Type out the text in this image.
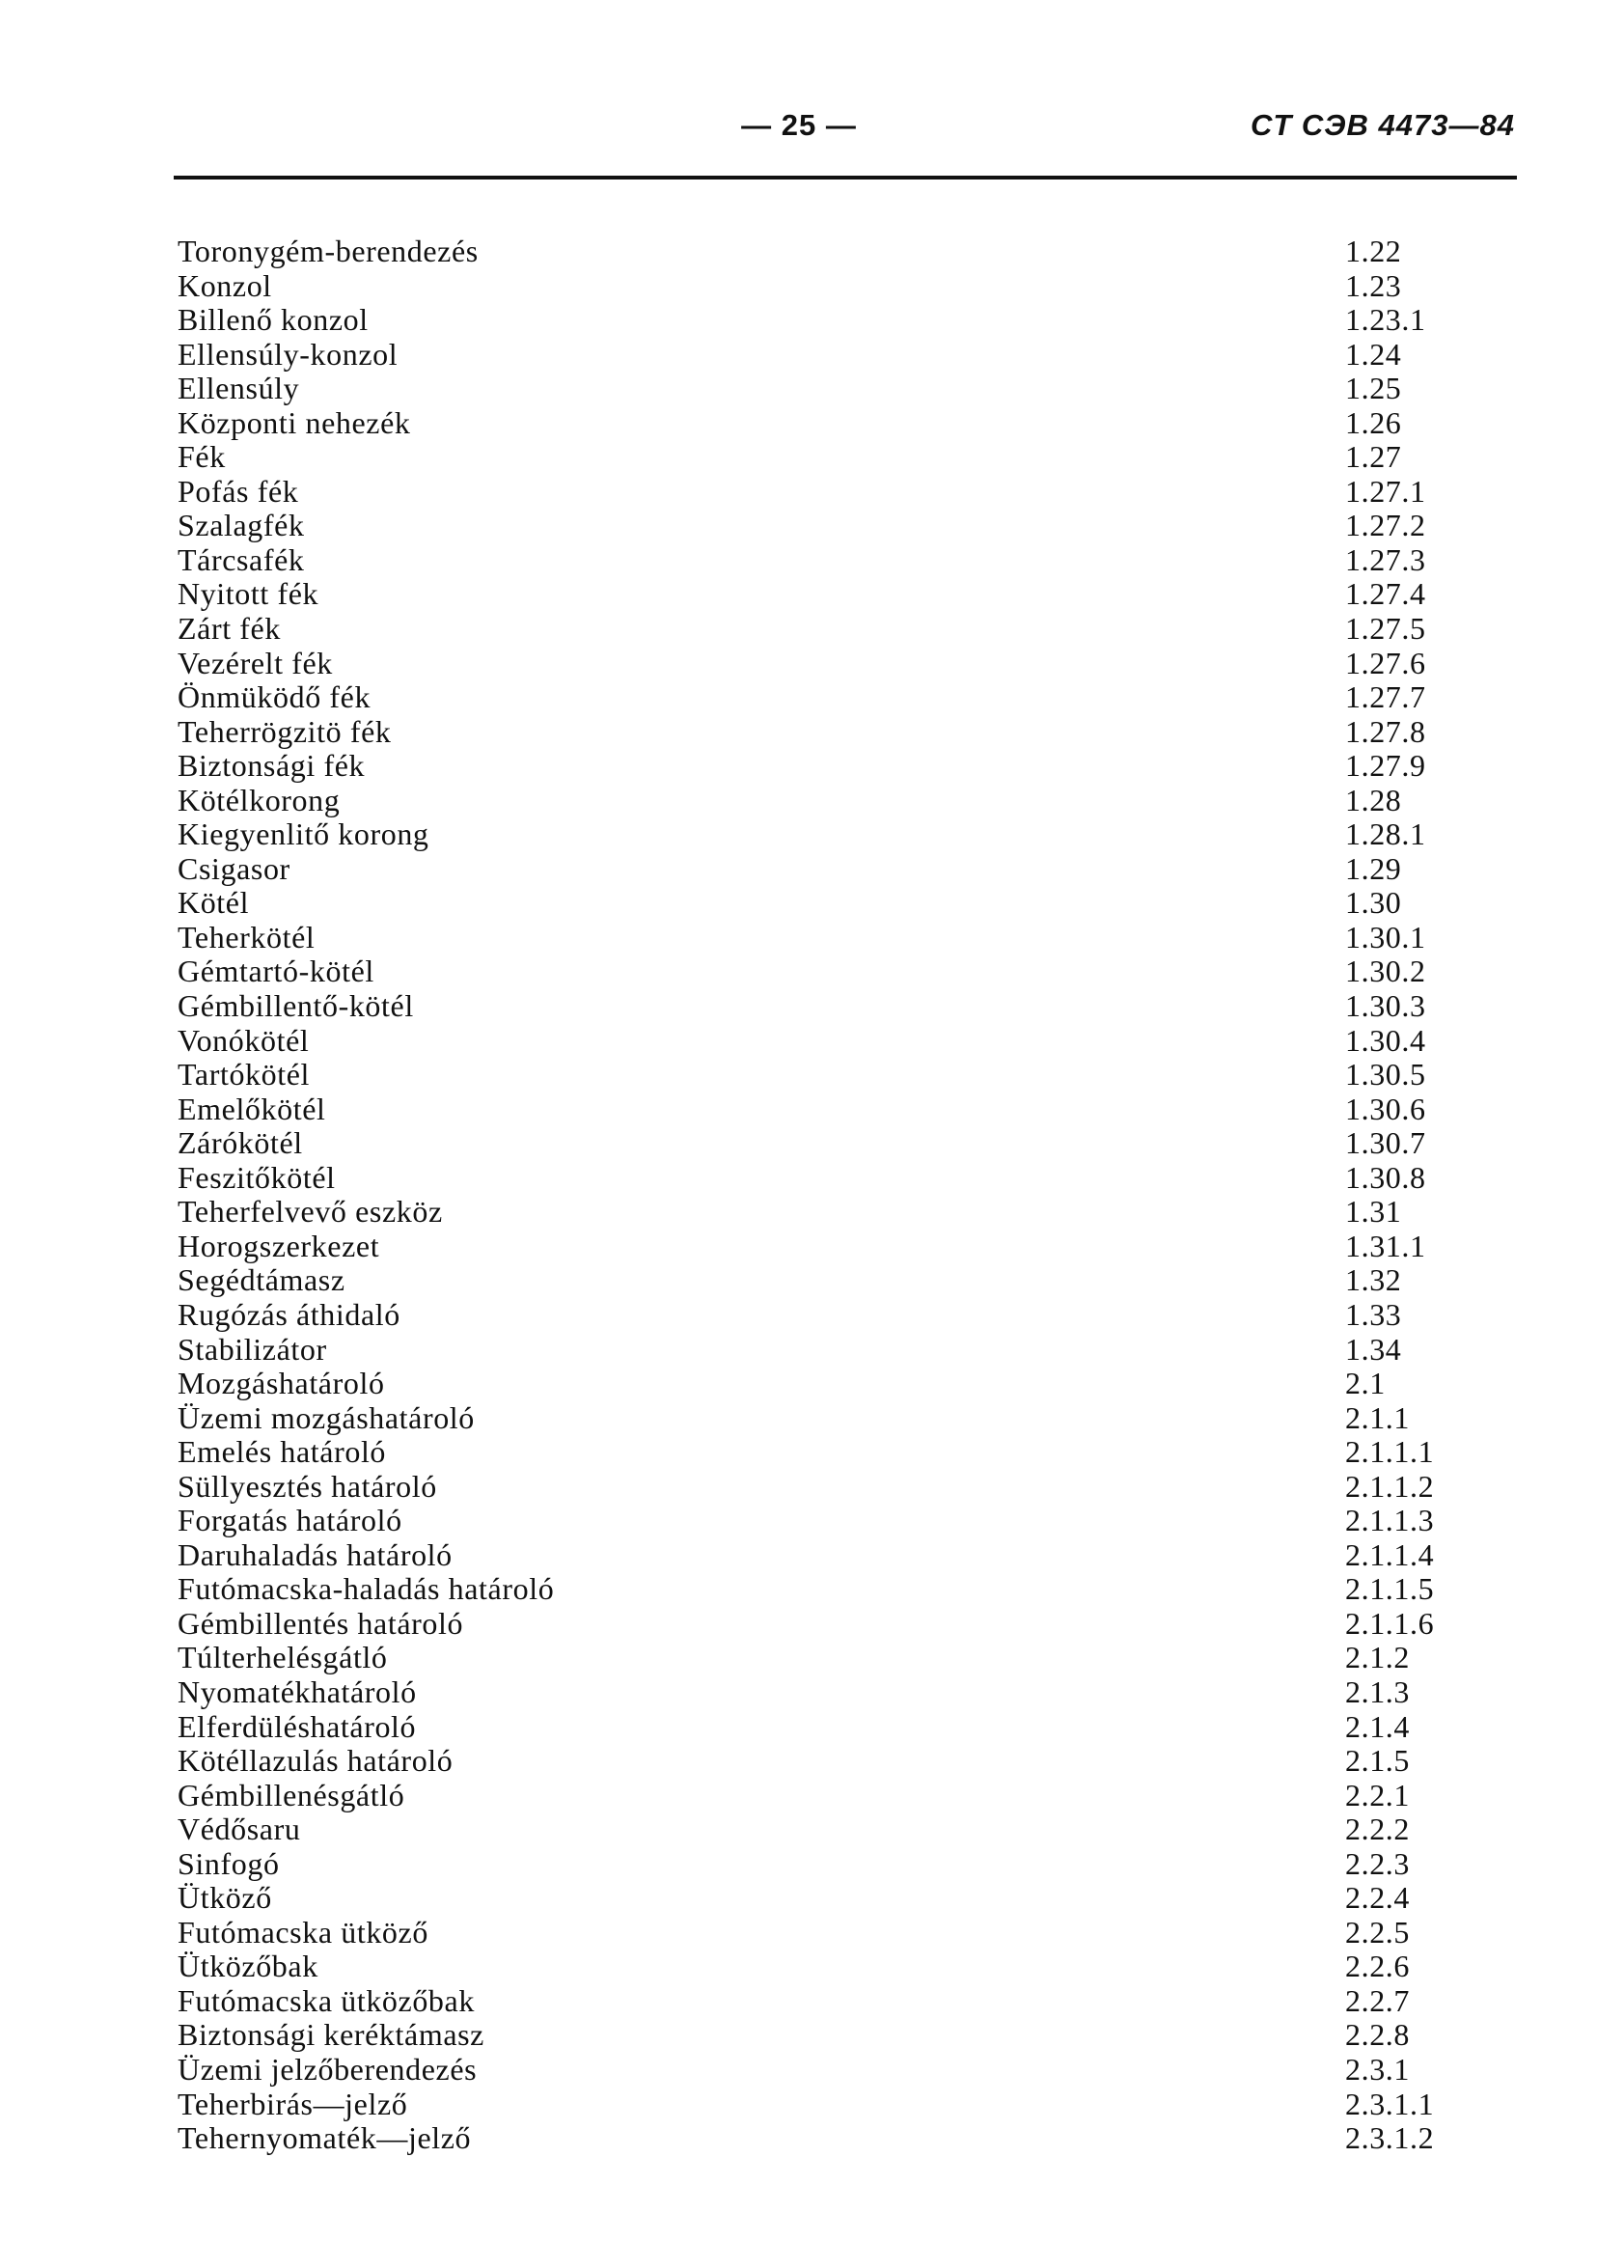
— 25 —	CT CЭB 4473—84
Toronygém-berendezés	1.22
Konzol	1.23
Billenő konzol	1.23.1
Ellensúly-konzol	1.24
Ellensúly	1.25
Központi nehezék	1.26
Fék	1.27
Pofás fék	1.27.1
Szalagfék	1.27.2
Tárcsafék	1.27.3
Nyitott fék	1.27.4
Zárt fék	1.27.5
Vezérelt fék	1.27.6
Önmüködő fék	1.27.7
Teherrögzitö fék	1.27.8
Biztonsági fék	1.27.9
Kötélkorong	1.28
Kiegyenlitő korong	1.28.1
Csigasor	1.29
Kötél	1.30
Teherkötél	1.30.1
Gémtartó-kötél	1.30.2
Gémbillentő-kötél	1.30.3
Vonókötél	1.30.4
Tartókötél	1.30.5
Emelőkötél	1.30.6
Zárókötél	1.30.7
Feszitőkötél	1.30.8
Teherfelvevő eszköz	1.31
Horogszerkezet	1.31.1
Segédtámasz	1.32
Rugózás áthidaló	1.33
Stabilizátor	1.34
Mozgáshatároló	2.1
Üzemi mozgáshatároló	2.1.1
Emelés határoló	2.1.1.1
Süllyesztés határoló	2.1.1.2
Forgatás határoló	2.1.1.3
Daruhaladás határoló	2.1.1.4
Futómacska-haladás határoló	2.1.1.5
Gémbillentés határoló	2.1.1.6
Túlterhelésgátló	2.1.2
Nyomatékhatároló	2.1.3
Elferdüléshatároló	2.1.4
Kötéllazulás határoló	2.1.5
Gémbillenésgátló	2.2.1
Védősaru	2.2.2
Sinfogó	2.2.3
Ütköző	2.2.4
Futómacska ütköző	2.2.5
Ütközőbak	2.2.6
Futómacska ütközőbak	2.2.7
Biztonsági keréktámasz	2.2.8
Üzemi jelzőberendezés	2.3.1
Teherbirás—jelző	2.3.1.1
Tehernyomaték—jelző	2.3.1.2
